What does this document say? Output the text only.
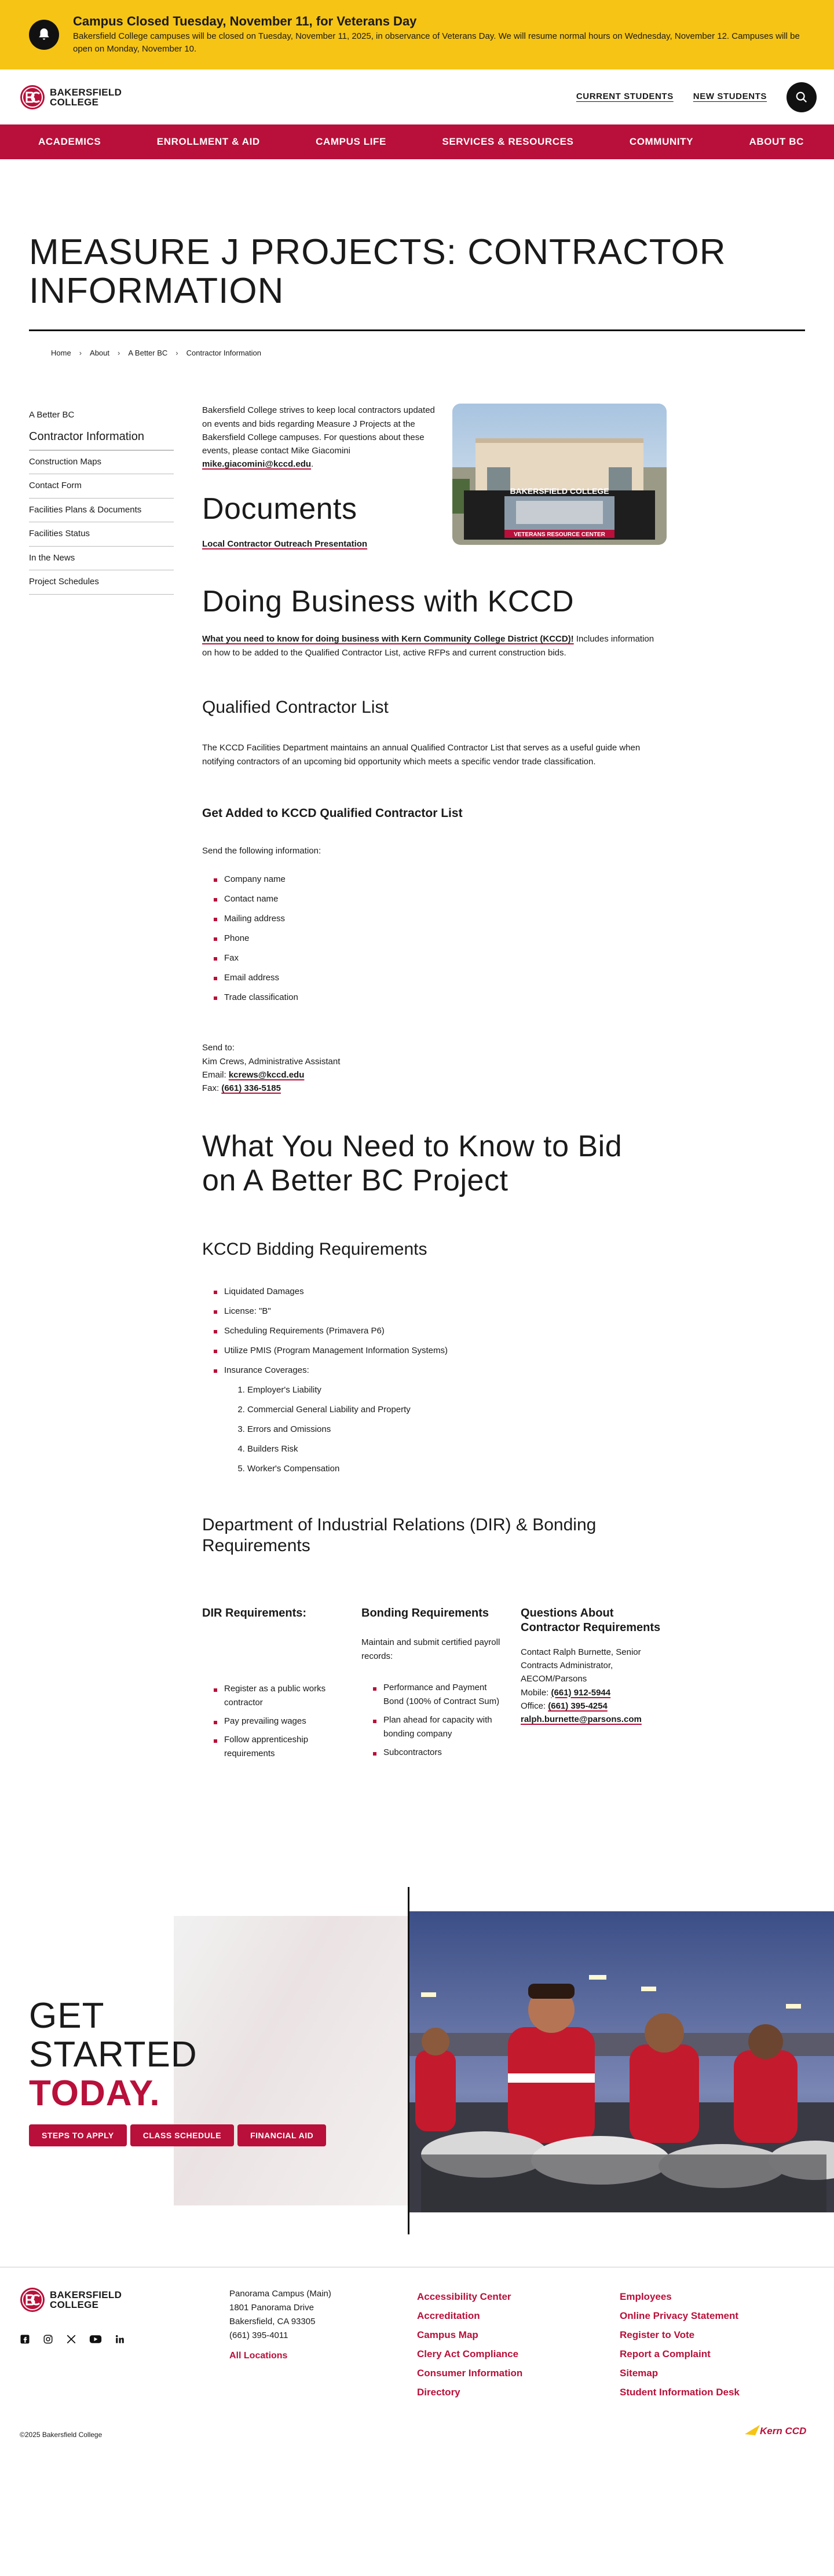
Campus Closed Tuesday, November 11, for Veterans Day
Bakersfield College campuses will be closed on Tuesday, November 11, 2025, in observance of Veterans Day. We will resume normal hours on Wednesday, November 12. Campuses will be open on Monday, November 10.
BAKERSFIELD
COLLEGE	CURRENT STUDENTS NEW STUDENTS
ACADEMICS	ENROLLMENT & AID	CAMPUS LIFE	SERVICES & RESOURCES	COMMUNITY	ABOUT BC
MEASURE J PROJECTS: CONTRACTOR INFORMATION
Home › About › A Better BC › Contractor Information
A Better BC
Contractor Information
Construction Maps
Contact Form
Facilities Plans & Documents
Facilities Status
In the News
Project Schedules

Bakersfield College strives to keep local contractors updated on events and bids regarding Measure J Projects at the Bakersfield College campuses. For questions about these events, please contact Mike Giacomini mike.giacomini@kccd.edu.

BAKERSFIELD COLLEGE
VETERANS RESOURCE CENTER
Documents

Local Contractor Outreach Presentation

Doing Business with KCCD

What you need to know for doing business with Kern Community College District (KCCD)! Includes information on how to be added to the Qualified Contractor List, active RFPs and current construction bids.

Qualified Contractor List

The KCCD Facilities Department maintains an annual Qualified Contractor List that serves as a useful guide when notifying contractors of an upcoming bid opportunity which meets a specific vendor trade classification.

Get Added to KCCD Qualified Contractor List

Send the following information:

Company name
Contact name
Mailing address
Phone
Fax
Email address
Trade classification

Send to:
Kim Crews, Administrative Assistant
Email: kcrews@kccd.edu
Fax: (661) 336-5185

What You Need to Know to Bid on A Better BC Project
KCCD Bidding Requirements
Liquidated Damages
License: "B"
Scheduling Requirements (Primavera P6)
Utilize PMIS (Program Management Information Systems)
Insurance Coverages:
1. Employer's Liability
2. Commercial General Liability and Property
3. Errors and Omissions
4. Builders Risk
5. Worker's Compensation
Department of Industrial Relations (DIR) & Bonding Requirements
DIR Requirements:
Register as a public works contractor
Pay prevailing wages
Follow apprenticeship requirements
Bonding Requirements

Maintain and submit certified payroll records:

Performance and Payment Bond (100% of Contract Sum)
Plan ahead for capacity with bonding company
Subcontractors
Questions About Contractor Requirements

Contact Ralph Burnette, Senior Contracts Administrator, AECOM/Parsons
Mobile: (661) 912-5944
Office: (661) 395-4254
ralph.burnette@parsons.com

GET
STARTED
TODAY.
STEPS TO APPLY	CLASS SCHEDULE	FINANCIAL AID
BAKERSFIELD
COLLEGE
Panorama Campus (Main)
1801 Panorama Drive
Bakersfield, CA 93305
(661) 395-4011
All Locations
Accessibility Center
Accreditation
Campus Map
Clery Act Compliance
Consumer Information
Directory
Employees
Online Privacy Statement
Register to Vote
Report a Complaint
Sitemap
Student Information Desk
©2025 Bakersfield College	Kern CCD
